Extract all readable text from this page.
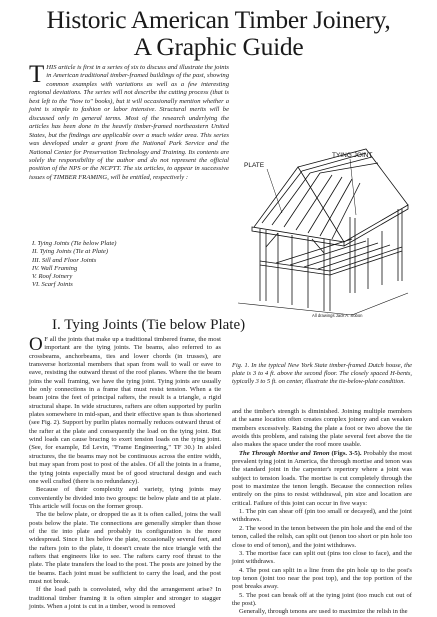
Historic American Timber Joinery,
A Graphic Guide
T HIS article is first in a series of six to discuss and illustrate the joints in American traditional timber-framed buildings of the past, showing common examples with variations as well as a few interesting regional deviations. The series will not describe the cutting process (that is best left to the "how to" books), but it will occasionally mention whether a joint is simple to fashion or labor intensive. Structural merits will be discussed only in general terms. Most of the research underlying the articles has been done in the heavily timber-framed northeastern United States, but the findings are applicable over a much wider area. This series was developed under a grant from the National Park Service and the National Center for Preservation Technology and Training. Its contents are solely the responsibility of the author and do not represent the official position of the NPS or the NCPTT. The six articles, to appear in successive issues of TIMBER FRAMING, will be entitled, respectively :
I. Tying Joints (Tie below Plate)
II. Tying Joints (Tie at Plate)
III. Sill and Floor Joints
IV. Wall Framing
V. Roof Joinery
VI. Scarf Joints
PLATE
TYING JOINT
All drawings Jack A. Sobon
Fig. 1. In the typical New York State timber-framed Dutch house, the plate is 3 to 4 ft. above the second floor. The closely spaced H-bents, typically 3 to 5 ft. on center, illustrate the tie-below-plate condition.
I. Tying Joints (Tie below Plate)

O F all the joints that make up a traditional timbered frame, the most important are the tying joints. Tie beams, also referred to as crossbeams, anchorbeams, ties and lower chords (in trusses), are transverse horizontal members that span from wall to wall or eave to eave, resisting the outward thrust of the roof planes. Where the tie beam joins the wall framing, we have the tying joint. Tying joints are usually the only connections in a frame that must resist tension. When a tie beam joins the feet of principal rafters, the result is a triangle, a rigid structural shape. In wide structures, rafters are often supported by purlin plates somewhere in mid-span, and their effective span is thus shortened (see Fig. 2). Support by purlin plates normally reduces outward thrust of the rafter at the plate and consequently the load on the tying joint. But wind loads can cause bracing to exert tension loads on the tying joint. (See, for example, Ed Levin, "Frame Engineering," TF 30.) In aisled structures, the tie beams may not be continuous across the entire width, but may span from post to post of the aisles. Of all the joints in a frame, the tying joints especially must be of good structural design and each one well crafted (there is no redundancy).

Because of their complexity and variety, tying joints may conveniently be divided into two groups: tie below plate and tie at plate. This article will focus on the former group.

The tie below plate, or dropped tie as it is often called, joins the wall posts below the plate. Tie connections are generally simpler than those of the tie into plate and probably its configuration is the more widespread. Since it lies below the plate, occasionally several feet, and the rafters join to the plate, it doesn't create the nice triangle with the rafters that engineers like to see. The rafters carry roof thrust to the plate. The plate transfers the load to the post. The posts are joined by the tie beams. Each joint must be sufficient to carry the load, and the post must not break.

If the load path is convoluted, why did the arrangement arise? In traditional timber framing it is often simpler and stronger to stagger joints. When a joint is cut in a timber, wood is removed

and the timber's strength is diminished. Joining multiple members at the same location often creates complex joinery and can weaken members excessively. Raising the plate a foot or two above the tie avoids this problem, and raising the plate several feet above the tie also makes the space under the roof more usable.

The Through Mortise and Tenon (Figs. 3-5). Probably the most prevalent tying joint in America, the through mortise and tenon was the standard joint in the carpenter's repertory where a joint was subject to tension loads. The mortise is cut completely through the post to maximize the tenon length. Because the connection relies entirely on the pins to resist withdrawal, pin size and location are critical. Failure of this joint can occur in five ways:

1. The pin can shear off (pin too small or decayed), and the joint withdraws.

2. The wood in the tenon between the pin hole and the end of the tenon, called the relish, can split out (tenon too short or pin hole too close to end of tenon), and the joint withdraws.

3. The mortise face can split out (pins too close to face), and the joint withdraws.

4. The post can split in a line from the pin hole up to the post's top tenon (joint too near the post top), and the top portion of the post breaks away.

5. The post can break off at the tying joint (too much cut out of the post).

Generally, through tenons are used to maximize the relish in the
